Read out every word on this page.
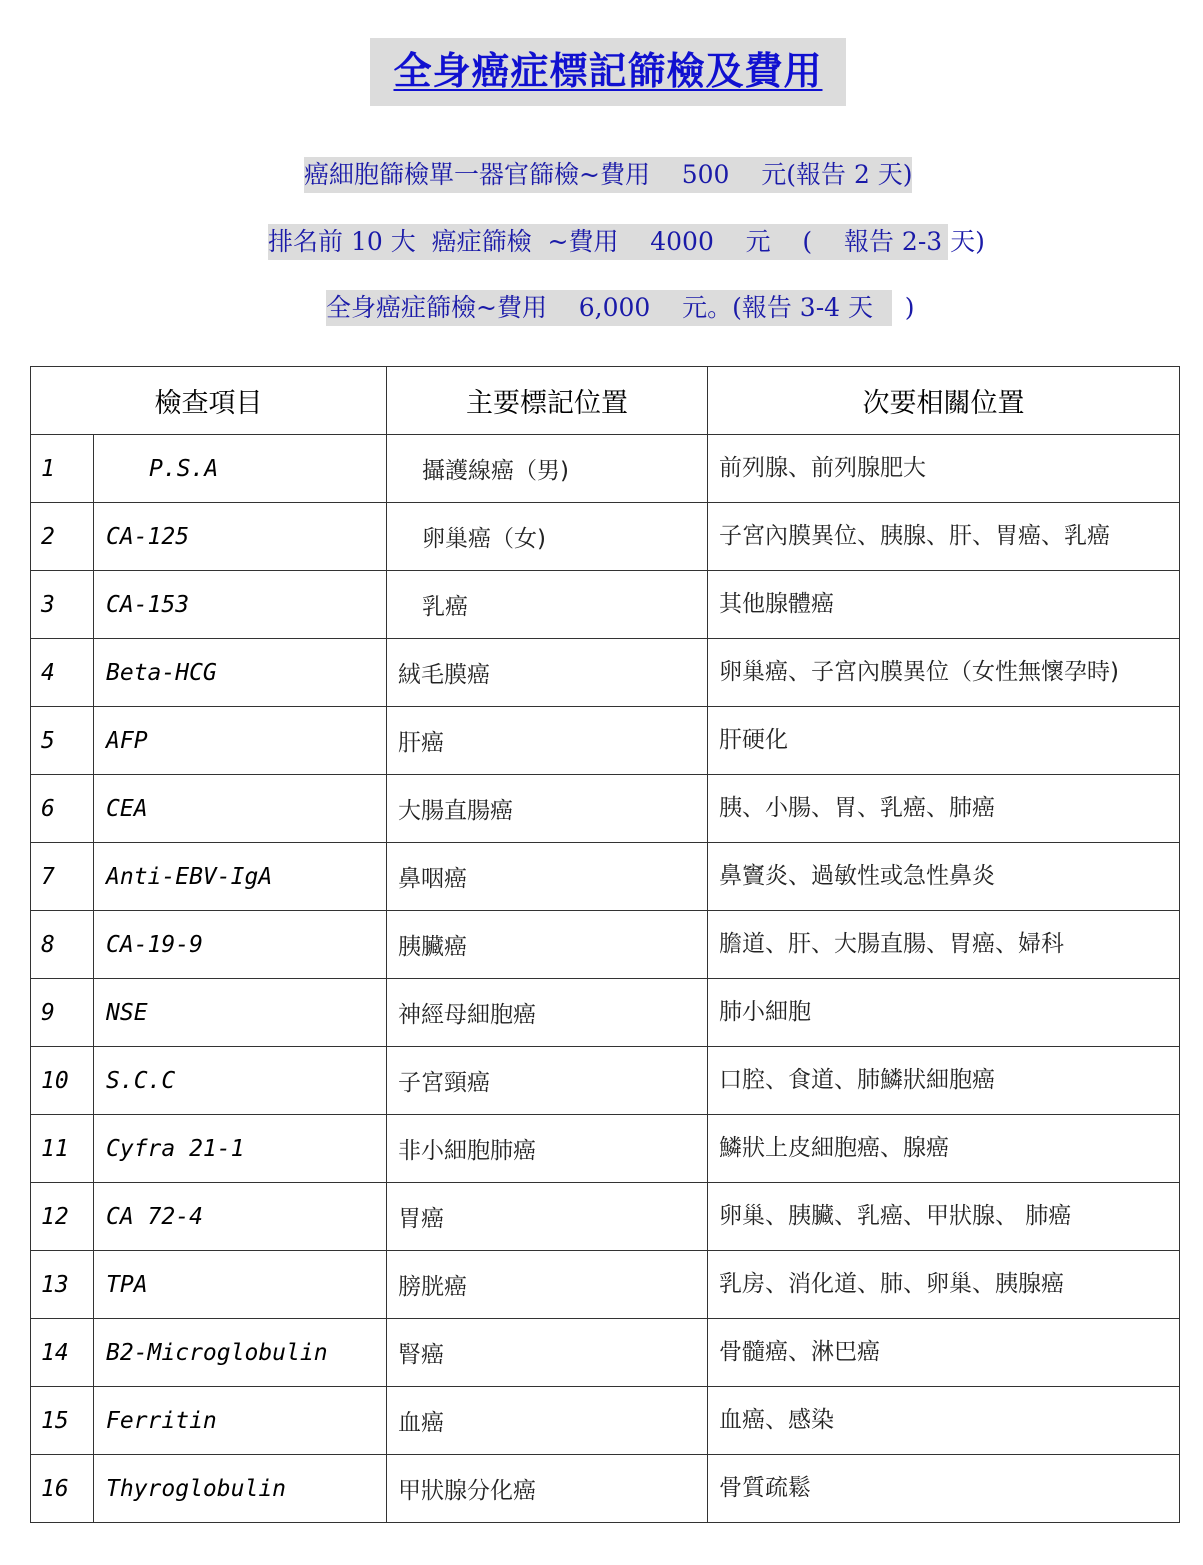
全身癌症標記篩檢及費用
癌細胞篩檢單一器官篩檢~費用    500    元(報告 2 天)
排名前 10 大  癌症篩檢  ~費用    4000    元    (    報告 2-3 天)
全身癌症篩檢~費用    6,000    元。(報告 3-4 天    )
檢查項目		主要標記位置	次要相關位置
1	P.S.A	攝護線癌（男)	前列腺、前列腺肥大
2	CA-125	卵巢癌（女)	子宮內膜異位、胰腺、肝、胃癌、乳癌
3	CA-153	乳癌	其他腺體癌
4	Beta-HCG	絨毛膜癌	卵巢癌、子宮內膜異位（女性無懷孕時)
5	AFP	肝癌	肝硬化
6	CEA	大腸直腸癌	胰、小腸、胃、乳癌、肺癌
7	Anti-EBV-IgA	鼻咽癌	鼻竇炎、過敏性或急性鼻炎
8	CA-19-9	胰臟癌	膽道、肝、大腸直腸、胃癌、婦科
9	NSE	神經母細胞癌	肺小細胞
10	S.C.C	子宮頸癌	口腔、食道、肺鱗狀細胞癌
11	Cyfra 21-1	非小細胞肺癌	鱗狀上皮細胞癌、腺癌
12	CA 72-4	胃癌	卵巢、胰臟、乳癌、甲狀腺、 肺癌
13	TPA	膀胱癌	乳房、消化道、肺、卵巢、胰腺癌
14	B2-Microglobulin	腎癌	骨髓癌、淋巴癌
15	Ferritin	血癌	血癌、感染
16	Thyroglobulin	甲狀腺分化癌	骨質疏鬆
